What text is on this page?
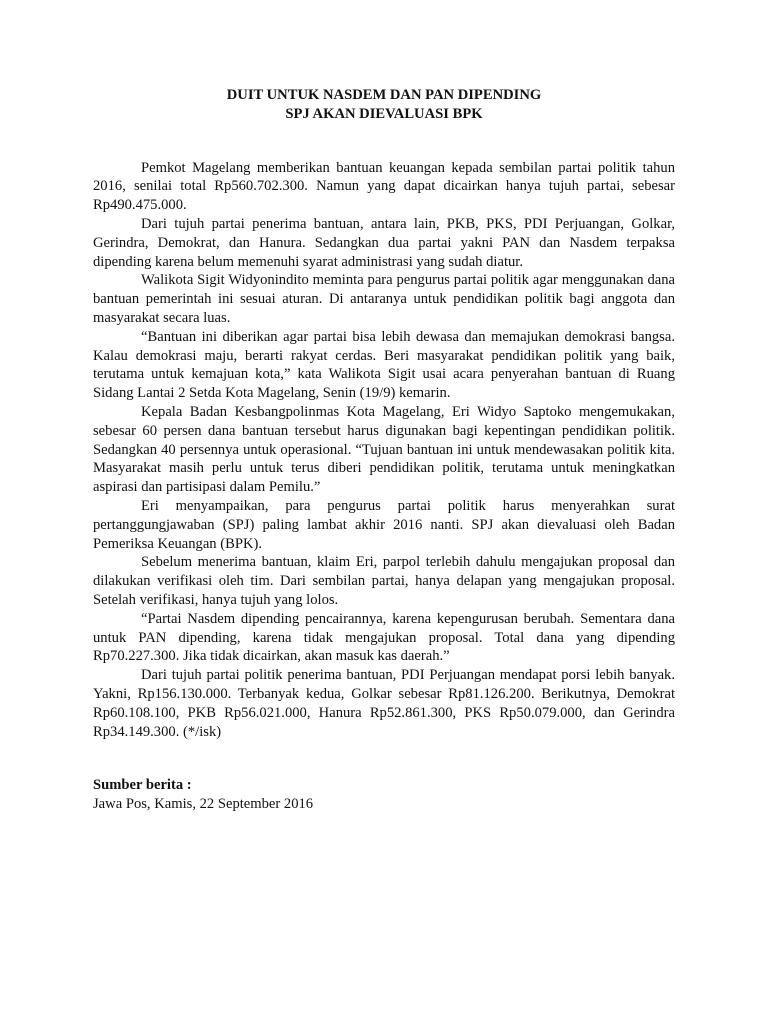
DUIT UNTUK NASDEM DAN PAN DIPENDING

SPJ AKAN DIEVALUASI BPK

Pemkot Magelang memberikan bantuan keuangan kepada sembilan partai politik tahun 2016, senilai total Rp560.702.300. Namun yang dapat dicairkan hanya tujuh partai, sebesar Rp490.475.000.

Dari tujuh partai penerima bantuan, antara lain, PKB, PKS, PDI Perjuangan, Golkar, Gerindra, Demokrat, dan Hanura. Sedangkan dua partai yakni PAN dan Nasdem terpaksa dipending karena belum memenuhi syarat administrasi yang sudah diatur.

Walikota Sigit Widyonindito meminta para pengurus partai politik agar menggunakan dana bantuan pemerintah ini sesuai aturan. Di antaranya untuk pendidikan politik bagi anggota dan masyarakat secara luas.

“Bantuan ini diberikan agar partai bisa lebih dewasa dan memajukan demokrasi bangsa. Kalau demokrasi maju, berarti rakyat cerdas. Beri masyarakat pendidikan politik yang baik, terutama untuk kemajuan kota,” kata Walikota Sigit usai acara penyerahan bantuan di Ruang Sidang Lantai 2 Setda Kota Magelang, Senin (19/9) kemarin.

Kepala Badan Kesbangpolinmas Kota Magelang, Eri Widyo Saptoko mengemukakan, sebesar 60 persen dana bantuan tersebut harus digunakan bagi kepentingan pendidikan politik. Sedangkan 40 persennya untuk operasional. “Tujuan bantuan ini untuk mendewasakan politik kita. Masyarakat masih perlu untuk terus diberi pendidikan politik, terutama untuk meningkatkan aspirasi dan partisipasi dalam Pemilu.”

Eri menyampaikan, para pengurus partai politik harus menyerahkan surat pertanggungjawaban (SPJ) paling lambat akhir 2016 nanti. SPJ akan dievaluasi oleh Badan Pemeriksa Keuangan (BPK).

Sebelum menerima bantuan, klaim Eri, parpol terlebih dahulu mengajukan proposal dan dilakukan verifikasi oleh tim. Dari sembilan partai, hanya delapan yang mengajukan proposal. Setelah verifikasi, hanya tujuh yang lolos.

“Partai Nasdem dipending pencairannya, karena kepengurusan berubah. Sementara dana untuk PAN dipending, karena tidak mengajukan proposal. Total dana yang dipending Rp70.227.300. Jika tidak dicairkan, akan masuk kas daerah.”

Dari tujuh partai politik penerima bantuan, PDI Perjuangan mendapat porsi lebih banyak. Yakni, Rp156.130.000. Terbanyak kedua, Golkar sebesar Rp81.126.200. Berikutnya, Demokrat Rp60.108.100, PKB Rp56.021.000, Hanura Rp52.861.300, PKS Rp50.079.000, dan Gerindra Rp34.149.300. (*/isk)

Sumber berita :

Jawa Pos, Kamis, 22 September 2016
